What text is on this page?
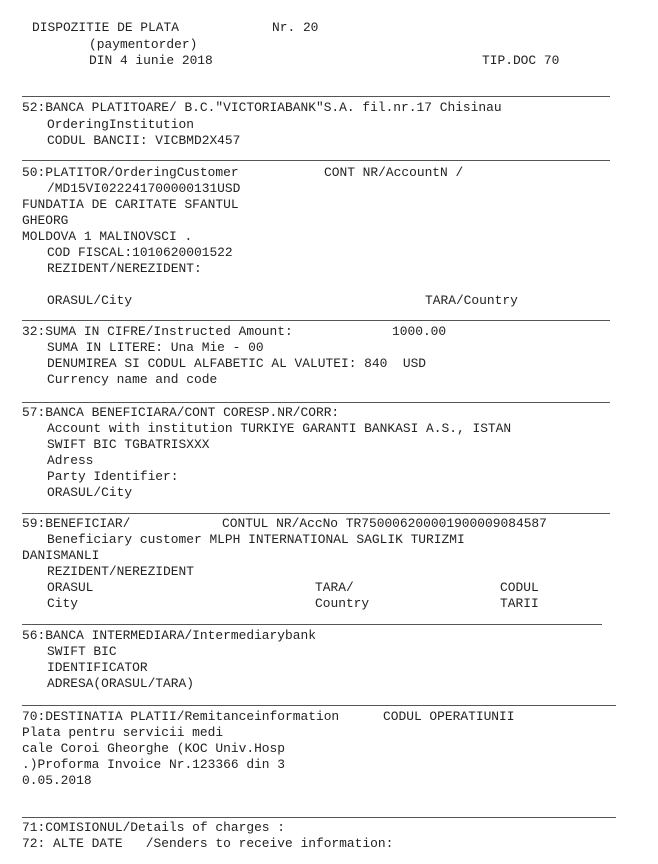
DISPOZITIE DE PLATA	Nr. 20
(paymentorder)
DIN 4 iunie 2018	TIP.DOC 70
52:BANCA PLATITOARE/ B.C."VICTORIABANK"S.A. fil.nr.17 Chisinau
OrderingInstitution
CODUL BANCII: VICBMD2X457
50:PLATITOR/OrderingCustomer	CONT NR/AccountN /
/MD15VI022241700000131USD
FUNDATIA DE CARITATE SFANTUL
GHEORG
MOLDOVA 1 MALINOVSCI .
COD FISCAL:1010620001522
REZIDENT/NEREZIDENT:
ORASUL/City	TARA/Country
32:SUMA IN CIFRE/Instructed Amount:	1000.00
SUMA IN LITERE: Una Mie - 00
DENUMIREA SI CODUL ALFABETIC AL VALUTEI: 840  USD
Currency name and code
57:BANCA BENEFICIARA/CONT CORESP.NR/CORR:
Account with institution TURKIYE GARANTI BANKASI A.S., ISTAN
SWIFT BIC TGBATRISXXX
Adress
Party Identifier:
ORASUL/City
59:BENEFICIAR/	CONTUL NR/AccNo TR750006200001900009084587
Beneficiary customer MLPH INTERNATIONAL SAGLIK TURIZMI
DANISMANLI
REZIDENT/NEREZIDENT
ORASUL	TARA/	CODUL
City	Country	TARII
56:BANCA INTERMEDIARA/Intermediarybank
SWIFT BIC
IDENTIFICATOR
ADRESA(ORASUL/TARA)
70:DESTINATIA PLATII/Remitanceinformation	CODUL OPERATIUNII
Plata pentru servicii medi
cale Coroi Gheorghe (KOC Univ.Hosp
.)Proforma Invoice Nr.123366 din 3
0.05.2018
71:COMISIONUL/Details of charges :
72: ALTE DATE   /Senders to receive information:
